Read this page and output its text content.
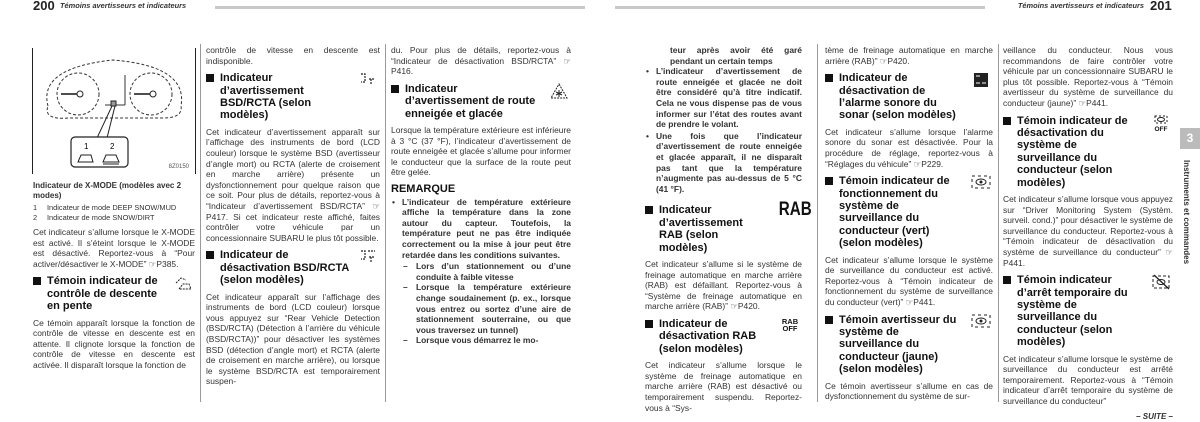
200 Témoins avertisseurs et indicateurs	Témoins avertisseurs et indicateurs 201
1	2
8Z0150
Indicateur de X-MODE (modèles avec 2 modes)
1	Indicateur de mode DEEP SNOW/MUD
2	Indicateur de mode SNOW/DIRT

Cet indicateur s’allume lorsque le X-MODE est activé. Il s’éteint lorsque le X-MODE est désactivé. Reportez-vous à “Pour activer/désactiver le X-MODE” ☞P385.

Témoin indicateur de contrôle de descente en pente

Ce témoin apparaît lorsque la fonction de contrôle de vitesse en descente est en attente. Il clignote lorsque la fonction de contrôle de vitesse en descente est activée. Il disparaît lorsque la fonction de

contrôle de vitesse en descente est indisponible.

Indicateur d’avertissement BSD/RCTA (selon modèles)

Cet indicateur d’avertissement apparaît sur l’affichage des instruments de bord (LCD couleur) lorsque le système BSD (avertisseur d’angle mort) ou RCTA (alerte de croisement en marche arrière) présente un dysfonctionnement pour quelque raison que ce soit. Pour plus de détails, reportez-vous à “Indicateur d’avertissement BSD/RCTA” ☞P417. Si cet indicateur reste affiché, faites contrôler votre véhicule par un concessionnaire SUBARU le plus tôt possible.

Indicateur de désactivation BSD/RCTA (selon modèles)

Cet indicateur apparaît sur l’affichage des instruments de bord (LCD couleur) lorsque vous appuyez sur “Rear Vehicle Detection (BSD/RCTA) (Détection à l’arrière du véhicule (BSD/RCTA))” pour désactiver les systèmes BSD (détection d’angle mort) et RCTA (alerte de croisement en marche arrière), ou lorsque le système BSD/RCTA est temporairement suspen-

du. Pour plus de détails, reportez-vous à “Indicateur de désactivation BSD/RCTA” ☞P416.

Indicateur d’avertissement de route enneigée et glacée

Lorsque la température extérieure est inférieure à 3 °C (37 °F), l’indicateur d’avertissement de route enneigée et glacée s’allume pour informer le conducteur que la surface de la route peut être gelée.

REMARQUE
• L’indicateur de température extérieure affiche la température dans la zone autour du capteur. Toutefois, la température peut ne pas être indiquée correctement ou la mise à jour peut être retardée dans les conditions suivantes.
– Lors d’un stationnement ou d’une conduite à faible vitesse
– Lorsque la température extérieure change soudainement (p. ex., lorsque vous entrez ou sortez d’une aire de stationnement souterraine, ou que vous traversez un tunnel)
– Lorsque vous démarrez le mo-
teur après avoir été garé pendant un certain temps
• L’indicateur d’avertissement de route enneigée et glacée ne doit être considéré qu’à titre indicatif. Cela ne vous dispense pas de vous informer sur l’état des routes avant de prendre le volant.
• Une fois que l’indicateur d’avertissement de route enneigée et glacée apparaît, il ne disparaît pas tant que la température n’augmente pas au-dessus de 5 °C (41 °F).
Indicateur d’avertissement RAB (selon modèles)
RAB

Cet indicateur s’allume si le système de freinage automatique en marche arrière (RAB) est défaillant. Reportez-vous à “Système de freinage automatique en marche arrière (RAB)” ☞P420.

Indicateur de désactivation RAB (selon modèles)
RAB
OFF

Cet indicateur s’allume lorsque le système de freinage automatique en marche arrière (RAB) est désactivé ou temporairement suspendu. Reportez-vous à “Sys-

tème de freinage automatique en marche arrière (RAB)” ☞P420.

Indicateur de désactivation de l’alarme sonore du sonar (selon modèles)

Cet indicateur s’allume lorsque l’alarme sonore du sonar est désactivée. Pour la procédure de réglage, reportez-vous à “Réglages du véhicule” ☞P229.

Témoin indicateur de fonctionnement du système de surveillance du conducteur (vert) (selon modèles)

Cet indicateur s’allume lorsque le système de surveillance du conducteur est activé. Reportez-vous à “Témoin indicateur de fonctionnement du système de surveillance du conducteur (vert)” ☞P441.

Témoin avertisseur du système de surveillance du conducteur (jaune) (selon modèles)

Ce témoin avertisseur s’allume en cas de dysfonctionnement du système de sur-

veillance du conducteur. Nous vous recommandons de faire contrôler votre véhicule par un concessionnaire SUBARU le plus tôt possible. Reportez-vous à “Témoin avertisseur du système de surveillance du conducteur (jaune)” ☞P441.

Témoin indicateur de désactivation du système de surveillance du conducteur (selon modèles)

OFF

Cet indicateur s’allume lorsque vous appuyez sur “Driver Monitoring System (Systèm. surveil. cond.)” pour désactiver le système de surveillance du conducteur. Reportez-vous à “Témoin indicateur de désactivation du système de surveillance du conducteur” ☞P441.

Témoin indicateur d’arrêt temporaire du système de surveillance du conducteur (selon modèles)

Cet indicateur s’allume lorsque le système de surveillance du conducteur est arrêté temporairement. Reportez-vous à “Témoin indicateur d’arrêt temporaire du système de surveillance du conducteur”

– SUITE –
3
Instruments et commandes
